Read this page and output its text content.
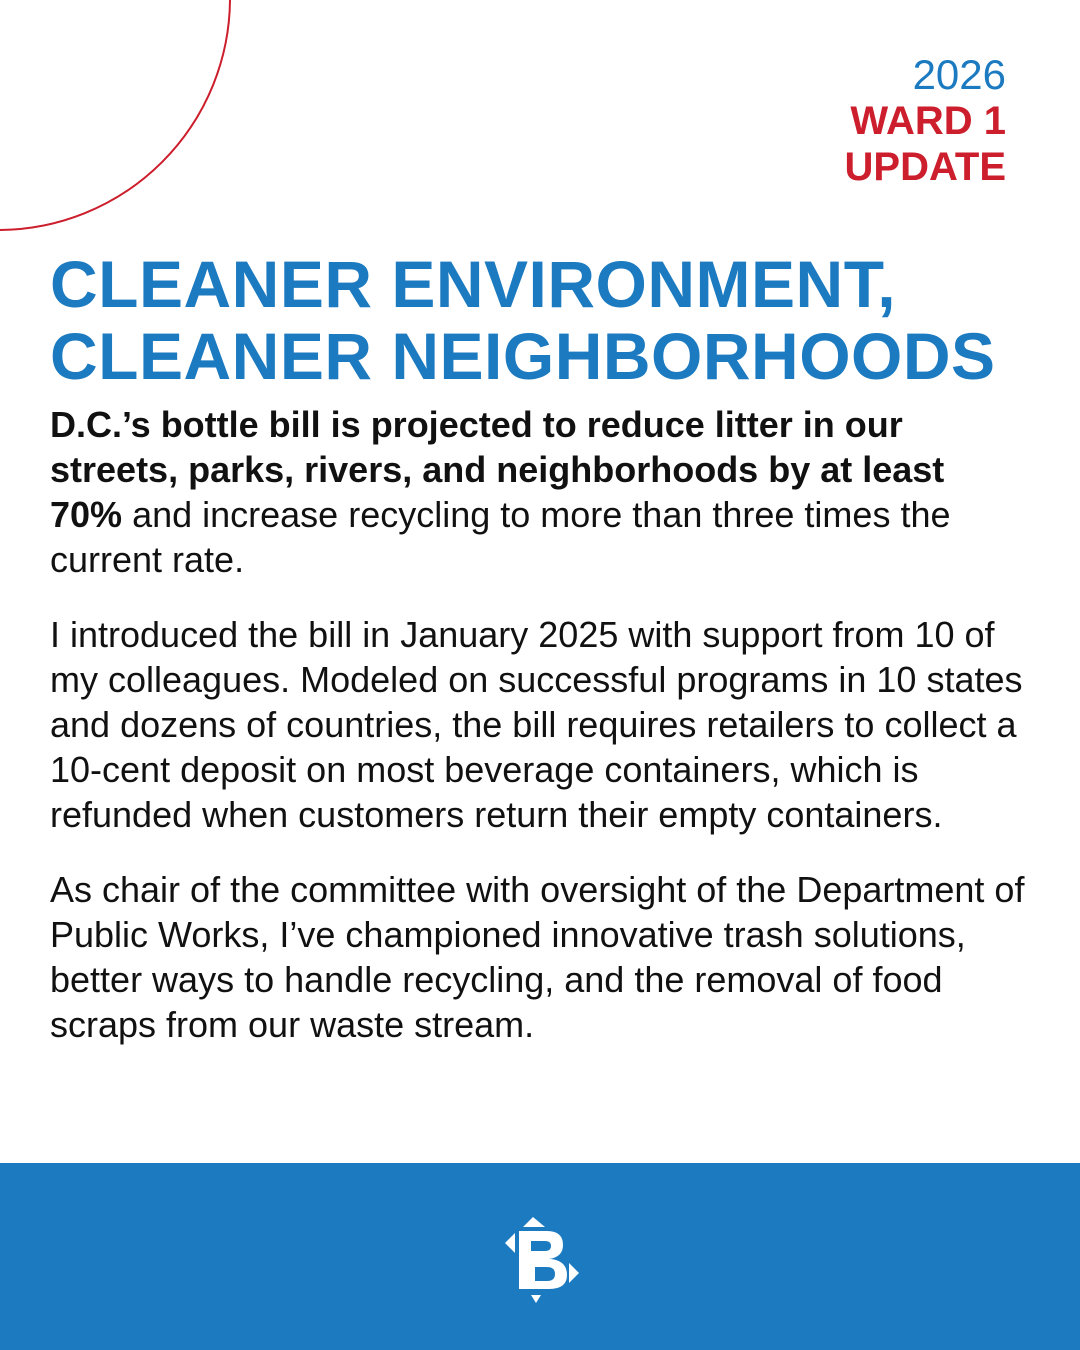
2026
WARD 1
UPDATE
CLEANER ENVIRONMENT,
CLEANER NEIGHBORHOODS

D.C.’s bottle bill is projected to reduce litter in our streets, parks, rivers, and neighborhoods by at least 70% and increase recycling to more than three times the current rate.

I introduced the bill in January 2025 with support from 10 of my colleagues. Modeled on successful programs in 10 states and dozens of countries, the bill requires retailers to collect a 10-cent deposit on most beverage containers, which is refunded when customers return their empty containers.

As chair of the committee with oversight of the Department of Public Works, I’ve championed innovative trash solutions, better ways to handle recycling, and the removal of food scraps from our waste stream.
